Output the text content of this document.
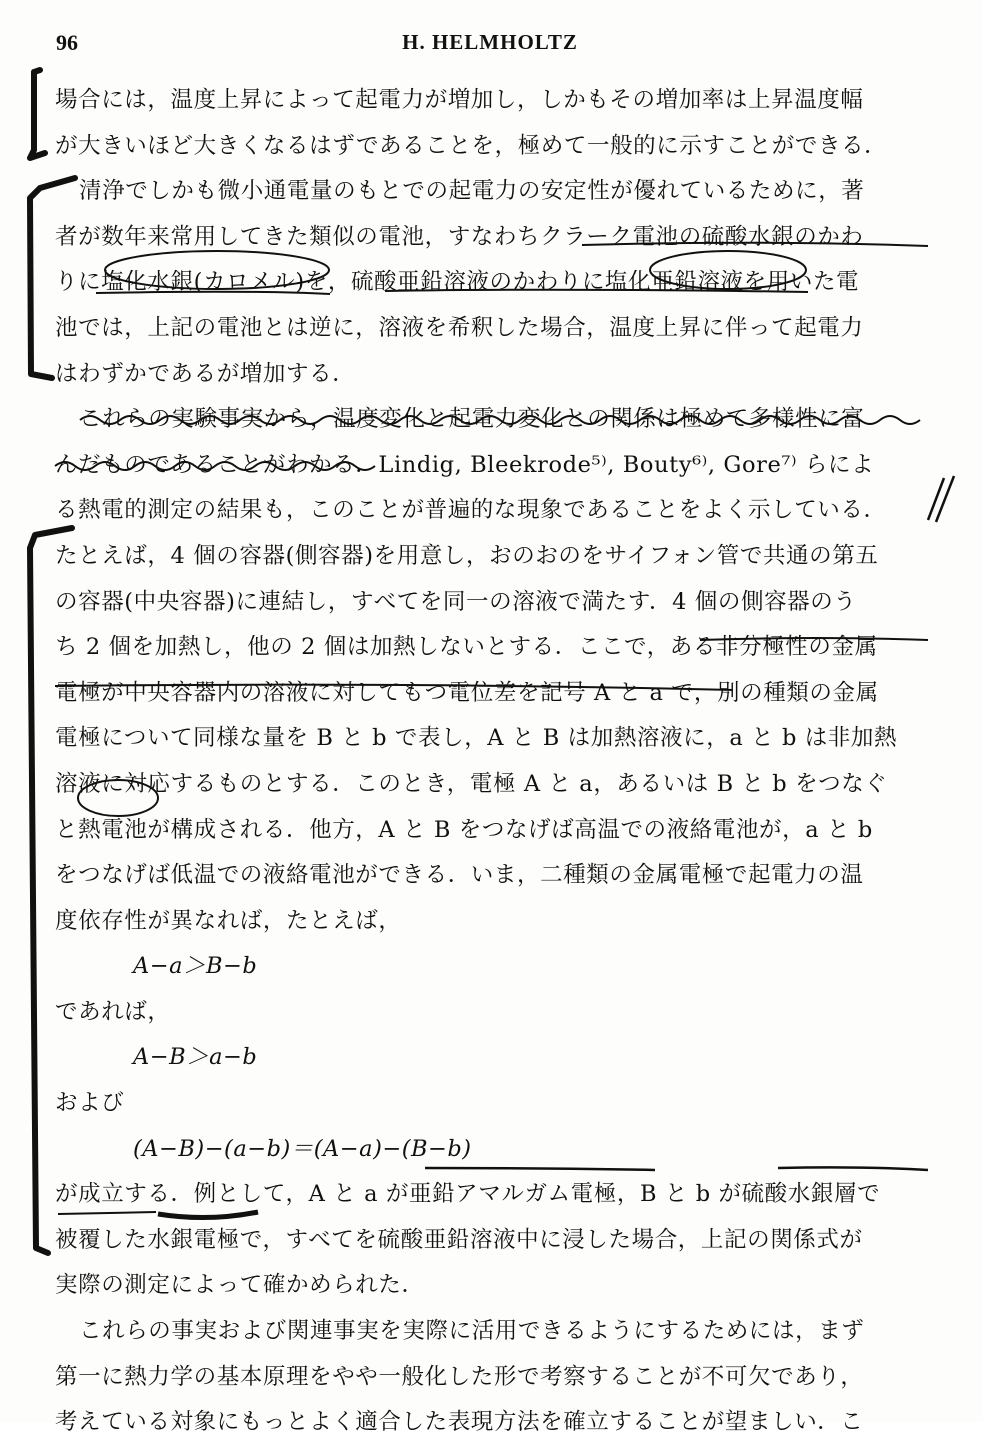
96	H. HELMHOLTZ
場合には，温度上昇によって起電力が増加し，しかもその増加率は上昇温度幅
が大きいほど大きくなるはずであることを，極めて一般的に示すことができる．
清浄でしかも微小通電量のもとでの起電力の安定性が優れているために，著
者が数年来常用してきた類似の電池，すなわちクラーク電池の硫酸水銀のかわ
りに塩化水銀(カロメル)を，硫酸亜鉛溶液のかわりに塩化亜鉛溶液を用いた電
池では，上記の電池とは逆に，溶液を希釈した場合，温度上昇に伴って起電力
はわずかであるが増加する．
これらの実験事実から，温度変化と起電力変化との関係は極めて多様性に富
んだものであることがわかる．Lindig, Bleekrode⁵⁾, Bouty⁶⁾, Gore⁷⁾ らによ
る熱電的測定の結果も，このことが普遍的な現象であることをよく示している．
たとえば，4 個の容器(側容器)を用意し，おのおのをサイフォン管で共通の第五
の容器(中央容器)に連結し，すべてを同一の溶液で満たす．4 個の側容器のう
ち 2 個を加熱し，他の 2 個は加熱しないとする．ここで，ある非分極性の金属
電極が中央容器内の溶液に対してもつ電位差を記号 A と a で，別の種類の金属
電極について同様な量を B と b で表し，A と B は加熱溶液に，a と b は非加熱
溶液に対応するものとする．このとき，電極 A と a，あるいは B と b をつなぐ
と熱電池が構成される．他方，A と B をつなげば高温での液絡電池が，a と b
をつなげば低温での液絡電池ができる．いま，二種類の金属電極で起電力の温
度依存性が異なれば，たとえば，
A−a＞B−b
であれば，
A−B＞a−b
および
(A−B)−(a−b)＝(A−a)−(B−b)
が成立する．例として，A と a が亜鉛アマルガム電極，B と b が硫酸水銀層で
被覆した水銀電極で，すべてを硫酸亜鉛溶液中に浸した場合，上記の関係式が
実際の測定によって確かめられた．
これらの事実および関連事実を実際に活用できるようにするためには，まず
第一に熱力学の基本原理をやや一般化した形で考察することが不可欠であり，
考えている対象にもっとよく適合した表現方法を確立することが望ましい．こ
